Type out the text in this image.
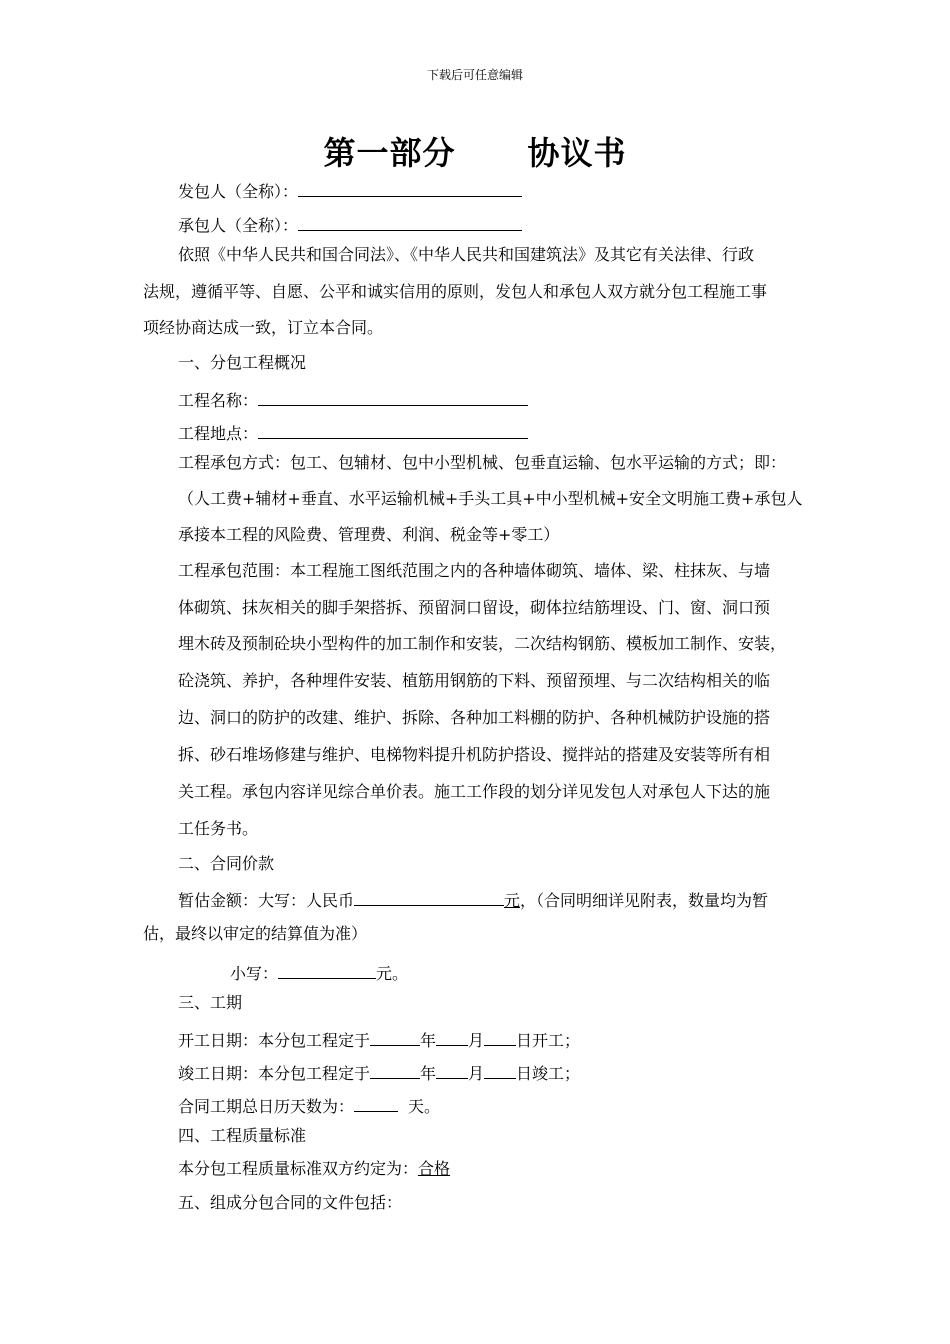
下载后可任意编辑
第一部分 协议书
发包人（全称）：
承包人（全称）：
依照《中华人民共和国合同法》、《中华人民共和国建筑法》及其它有关法律、行政
法规，遵循平等、自愿、公平和诚实信用的原则，发包人和承包人双方就分包工程施工事
项经协商达成一致，订立本合同。
一、分包工程概况
工程名称：
工程地点：
工程承包方式：包工、包辅材、包中小型机械、包垂直运输、包水平运输的方式；即：
（人工费+辅材+垂直、水平运输机械+手头工具+中小型机械+安全文明施工费+承包人
承接本工程的风险费、管理费、利润、税金等+零工）
工程承包范围：本工程施工图纸范围之内的各种墙体砌筑、墙体、梁、柱抹灰、与墙
体砌筑、抹灰相关的脚手架搭拆、预留洞口留设，砌体拉结筋埋设、门、窗、洞口预
埋木砖及预制砼块小型构件的加工制作和安装，二次结构钢筋、模板加工制作、安装，
砼浇筑、养护，各种埋件安装、植筋用钢筋的下料、预留预埋、与二次结构相关的临
边、洞口的防护的改建、维护、拆除、各种加工料棚的防护、各种机械防护设施的搭
拆、砂石堆场修建与维护、电梯物料提升机防护搭设、搅拌站的搭建及安装等所有相
关工程。承包内容详见综合单价表。施工工作段的划分详见发包人对承包人下达的施
工任务书。
二、合同价款
暂估金额：大写：人民币	元，（合同明细详见附表，数量均为暂
估，最终以审定的结算值为准）
小写：	元。
三、工期
开工日期：本分包工程定于	年 月 日开工；
竣工日期：本分包工程定于	年 月 日竣工；
合同工期总日历天数为：	天。
四、工程质量标准
本分包工程质量标准双方约定为：合格
五、组成分包合同的文件包括：
